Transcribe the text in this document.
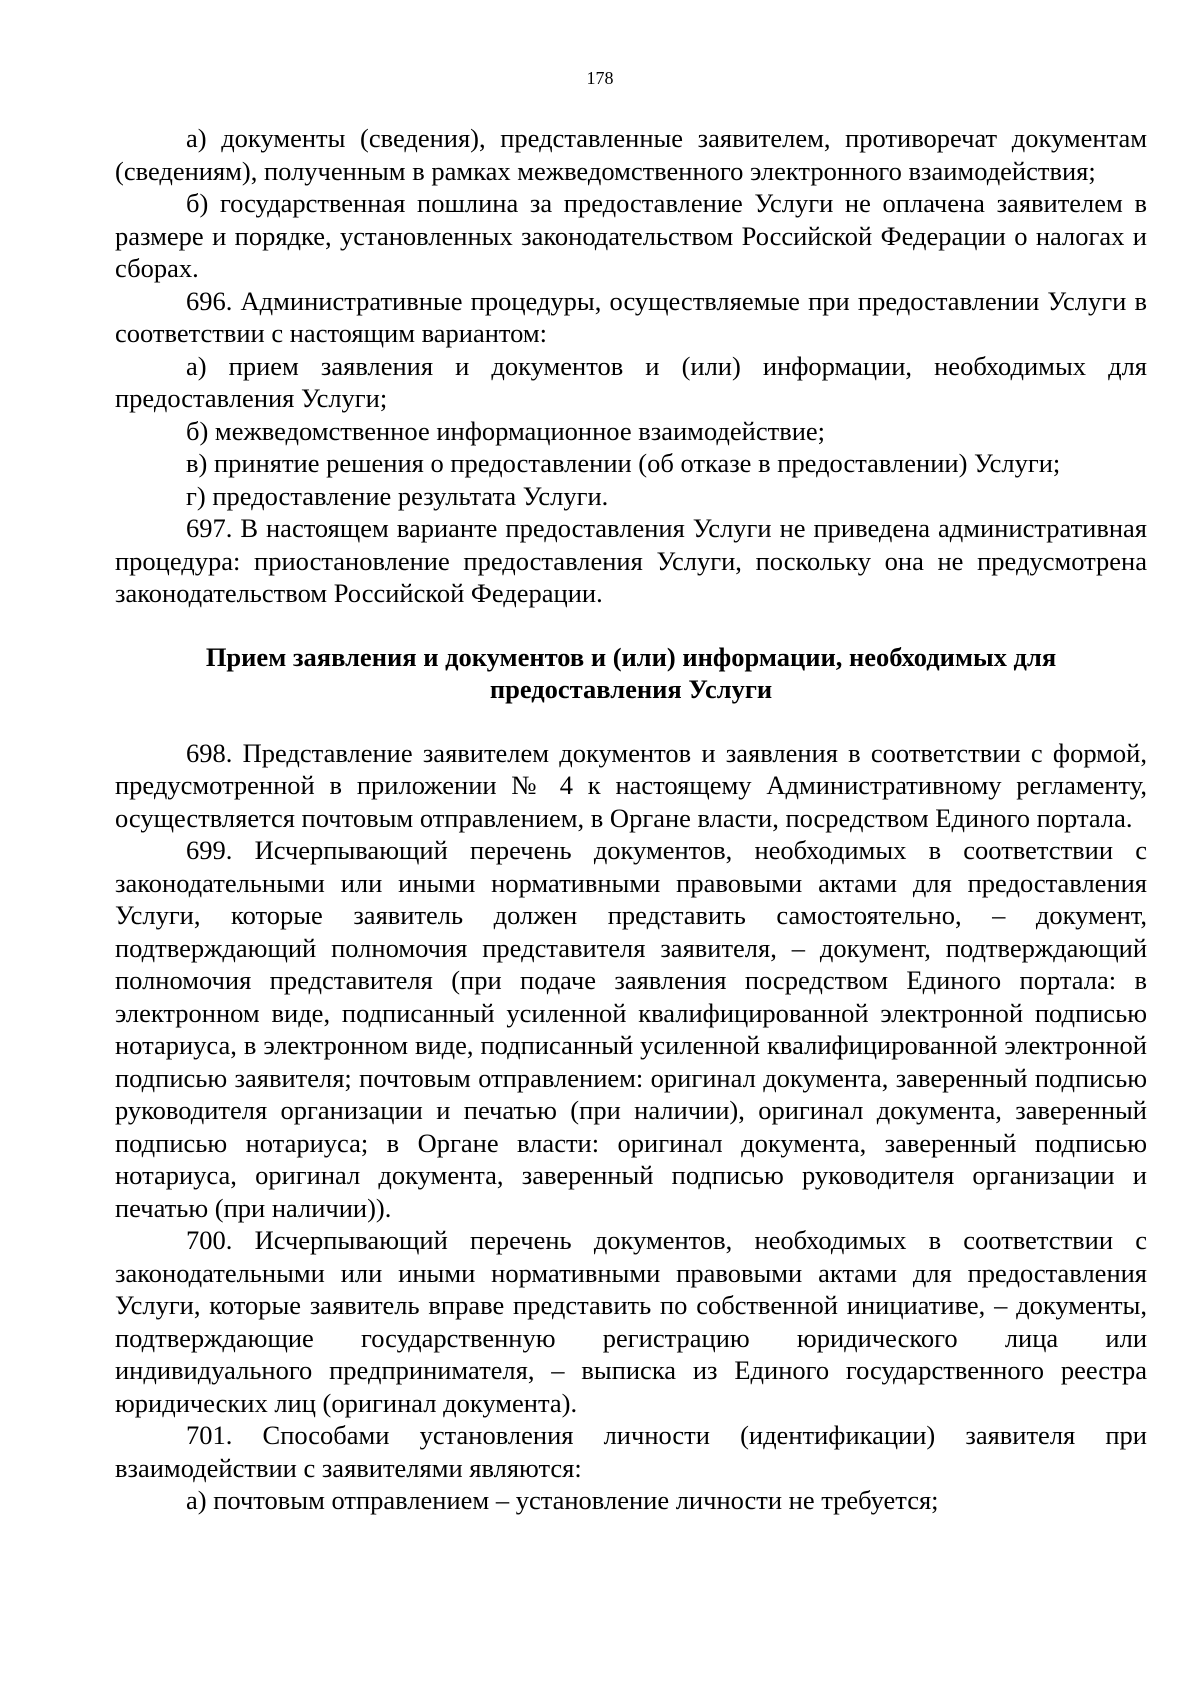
178

а) документы (сведения), представленные заявителем, противоречат документам (сведениям), полученным в рамках межведомственного электронного взаимодействия;

б) государственная пошлина за предоставление Услуги не оплачена заявителем в размере и порядке, установленных законодательством Российской Федерации о налогах и сборах.

696. Административные процедуры, осуществляемые при предоставлении Услуги в соответствии с настоящим вариантом:

а) прием заявления и документов и (или) информации, необходимых для предоставления Услуги;

б) межведомственное информационное взаимодействие;

в) принятие решения о предоставлении (об отказе в предоставлении) Услуги;

г) предоставление результата Услуги.

697. В настоящем варианте предоставления Услуги не приведена административная процедура: приостановление предоставления Услуги, поскольку она не предусмотрена законодательством Российской Федерации.

Прием заявления и документов и (или) информации, необходимых для
предоставления Услуги

698. Представление заявителем документов и заявления в соответствии с формой, предусмотренной в приложении № 4 к настоящему Административному регламенту, осуществляется почтовым отправлением, в Органе власти, посредством Единого портала.

699. Исчерпывающий перечень документов, необходимых в соответствии с законодательными или иными нормативными правовыми актами для предоставления Услуги, которые заявитель должен представить самостоятельно, – документ, подтверждающий полномочия представителя заявителя, – документ, подтверждающий полномочия представителя (при подаче заявления посредством Единого портала: в электронном виде, подписанный усиленной квалифицированной электронной подписью нотариуса, в электронном виде, подписанный усиленной квалифицированной электронной подписью заявителя; почтовым отправлением: оригинал документа, заверенный подписью руководителя организации и печатью (при наличии), оригинал документа, заверенный подписью нотариуса; в Органе власти: оригинал документа, заверенный подписью нотариуса, оригинал документа, заверенный подписью руководителя организации и печатью (при наличии)).

700. Исчерпывающий перечень документов, необходимых в соответствии с законодательными или иными нормативными правовыми актами для предоставления Услуги, которые заявитель вправе представить по собственной инициативе, – документы, подтверждающие государственную регистрацию юридического лица или индивидуального предпринимателя, – выписка из Единого государственного реестра юридических лиц (оригинал документа).

701. Способами установления личности (идентификации) заявителя при взаимодействии с заявителями являются:

а) почтовым отправлением – установление личности не требуется;
